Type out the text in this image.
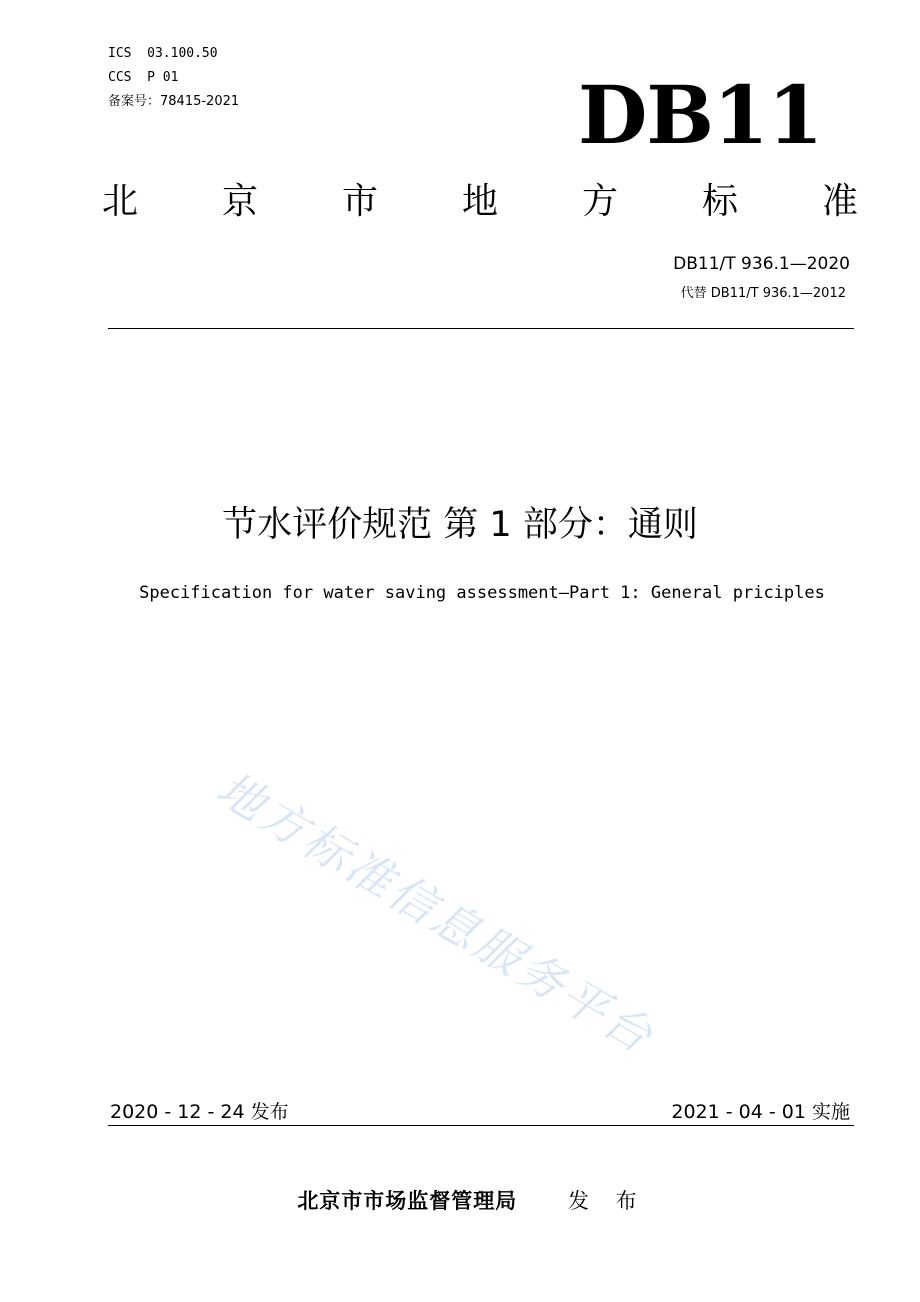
ICS  03.100.50
CCS  P 01
备案号：78415-2021	DB11
北 京 市 地 方 标 准
DB11/T 936.1—2020
代替 DB11/T 936.1—2012
节水评价规范 第 1 部分：通则
Specification for water saving assessment—Part 1: General priciples
地方标准信息服务平台
2020 - 12 - 24 发布	2021 - 04 - 01 实施
北京市市场监督管理局 发 布
